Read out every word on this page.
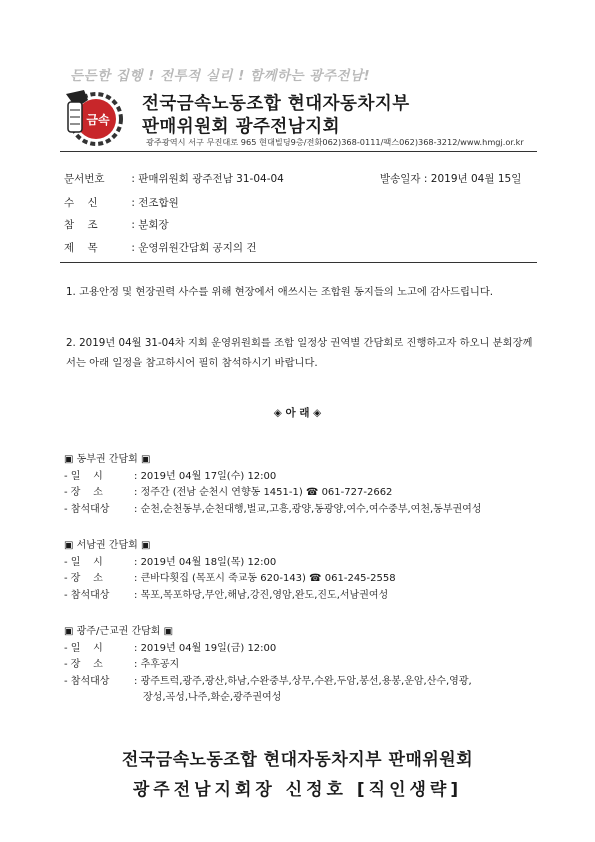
든든한 집행 ! 전투적 실리 ! 함께하는 광주전남!
금속
전국금속노동조합 현대자동차지부
판매위원회 광주전남지회
광주광역시 서구 무진대로 965 현대빌딩9층/전화062)368-0111/팩스062)368-3212/www.hmgj.or.kr
문서번호 : 판매위원회 광주전남 31-04-04	발송일자 : 2019년 04월 15일
수    신	: 전조합원
참    조	: 분회장
제    목	: 운영위원간담회 공지의 건
1. 고용안정 및 현장권력 사수를 위해 현장에서 애쓰시는 조합원 동지들의 노고에 감사드립니다.
2. 2019년 04월 31-04차 지회 운영위원회를 조합 일정상 권역별 간담회로 진행하고자 하오니 분회장께서는 아래 일정을 참고하시어 필히 참석하시기 바랍니다.
◈ 아 래 ◈
▣ 동부권 간담회 ▣
- 일    시	: 2019년 04월 17일(수) 12:00
- 장    소	: 정주간 (전남 순천시 연향동 1451-1) ☎ 061-727-2662
- 참석대상 : 순천,순천동부,순천대행,벌교,고흥,광양,동광양,여수,여수중부,여천,동부권여성
▣ 서남권 간담회 ▣
- 일    시	: 2019년 04월 18일(목) 12:00
- 장    소	: 큰바다횟집 (목포시 죽교동 620-143) ☎ 061-245-2558
- 참석대상 : 목포,목포하당,무안,해남,강진,영암,완도,진도,서남권여성
▣ 광주/근교권 간담회 ▣
- 일    시	: 2019년 04월 19일(금) 12:00
- 장    소	: 추후공지
- 참석대상 : 광주트럭,광주,광산,하남,수완중부,상무,수완,두암,봉선,용봉,운암,산수,영광,
장성,곡성,나주,화순,광주권여성
전국금속노동조합 현대자동차지부 판매위원회
광주전남지회장 신정호 [직인생략]
